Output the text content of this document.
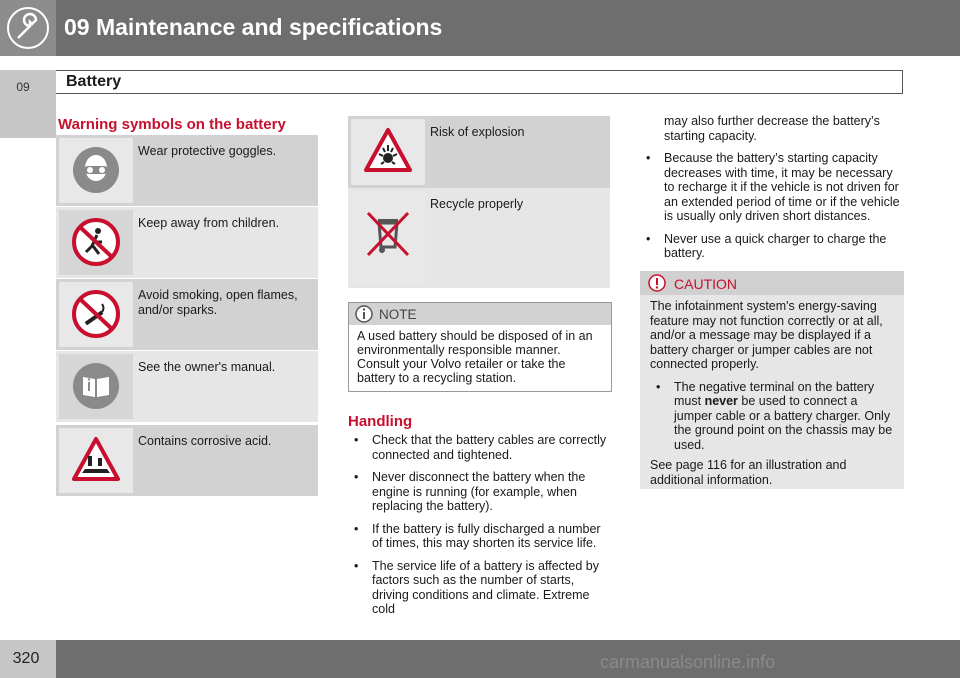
09 Maintenance and specifications
09	Battery
Warning symbols on the battery
Wear protective goggles.
Keep away from children.
Avoid smoking, open flames, and/or sparks.
See the owner's manual.
Contains corrosive acid.
Risk of explosion
Recycle properly
NOTE
A used battery should be disposed of in an environmentally responsible manner. Consult your Volvo retailer or take the battery to a recycling station.
Handling
• Check that the battery cables are correctly connected and tightened.
• Never disconnect the battery when the engine is running (for example, when replacing the battery).
• If the battery is fully discharged a number of times, this may shorten its service life.
• The service life of a battery is affected by factors such as the number of starts, driving conditions and climate. Extreme cold

may also further decrease the battery’s starting capacity.

• Because the battery’s starting capacity decreases with time, it may be necessary to recharge it if the vehicle is not driven for an extended period of time or if the vehicle is usually only driven short distances.
• Never use a quick charger to charge the battery.
CAUTION
The infotainment system's energy-saving feature may not function correctly or at all, and/or a message may be displayed if a battery charger or jumper cables are not connected properly.
• The negative terminal on the battery must never be used to connect a jumper cable or a battery charger. Only the ground point on the chassis may be used.
See page 116 for an illustration and additional information.
320	carmanualsonline.info
